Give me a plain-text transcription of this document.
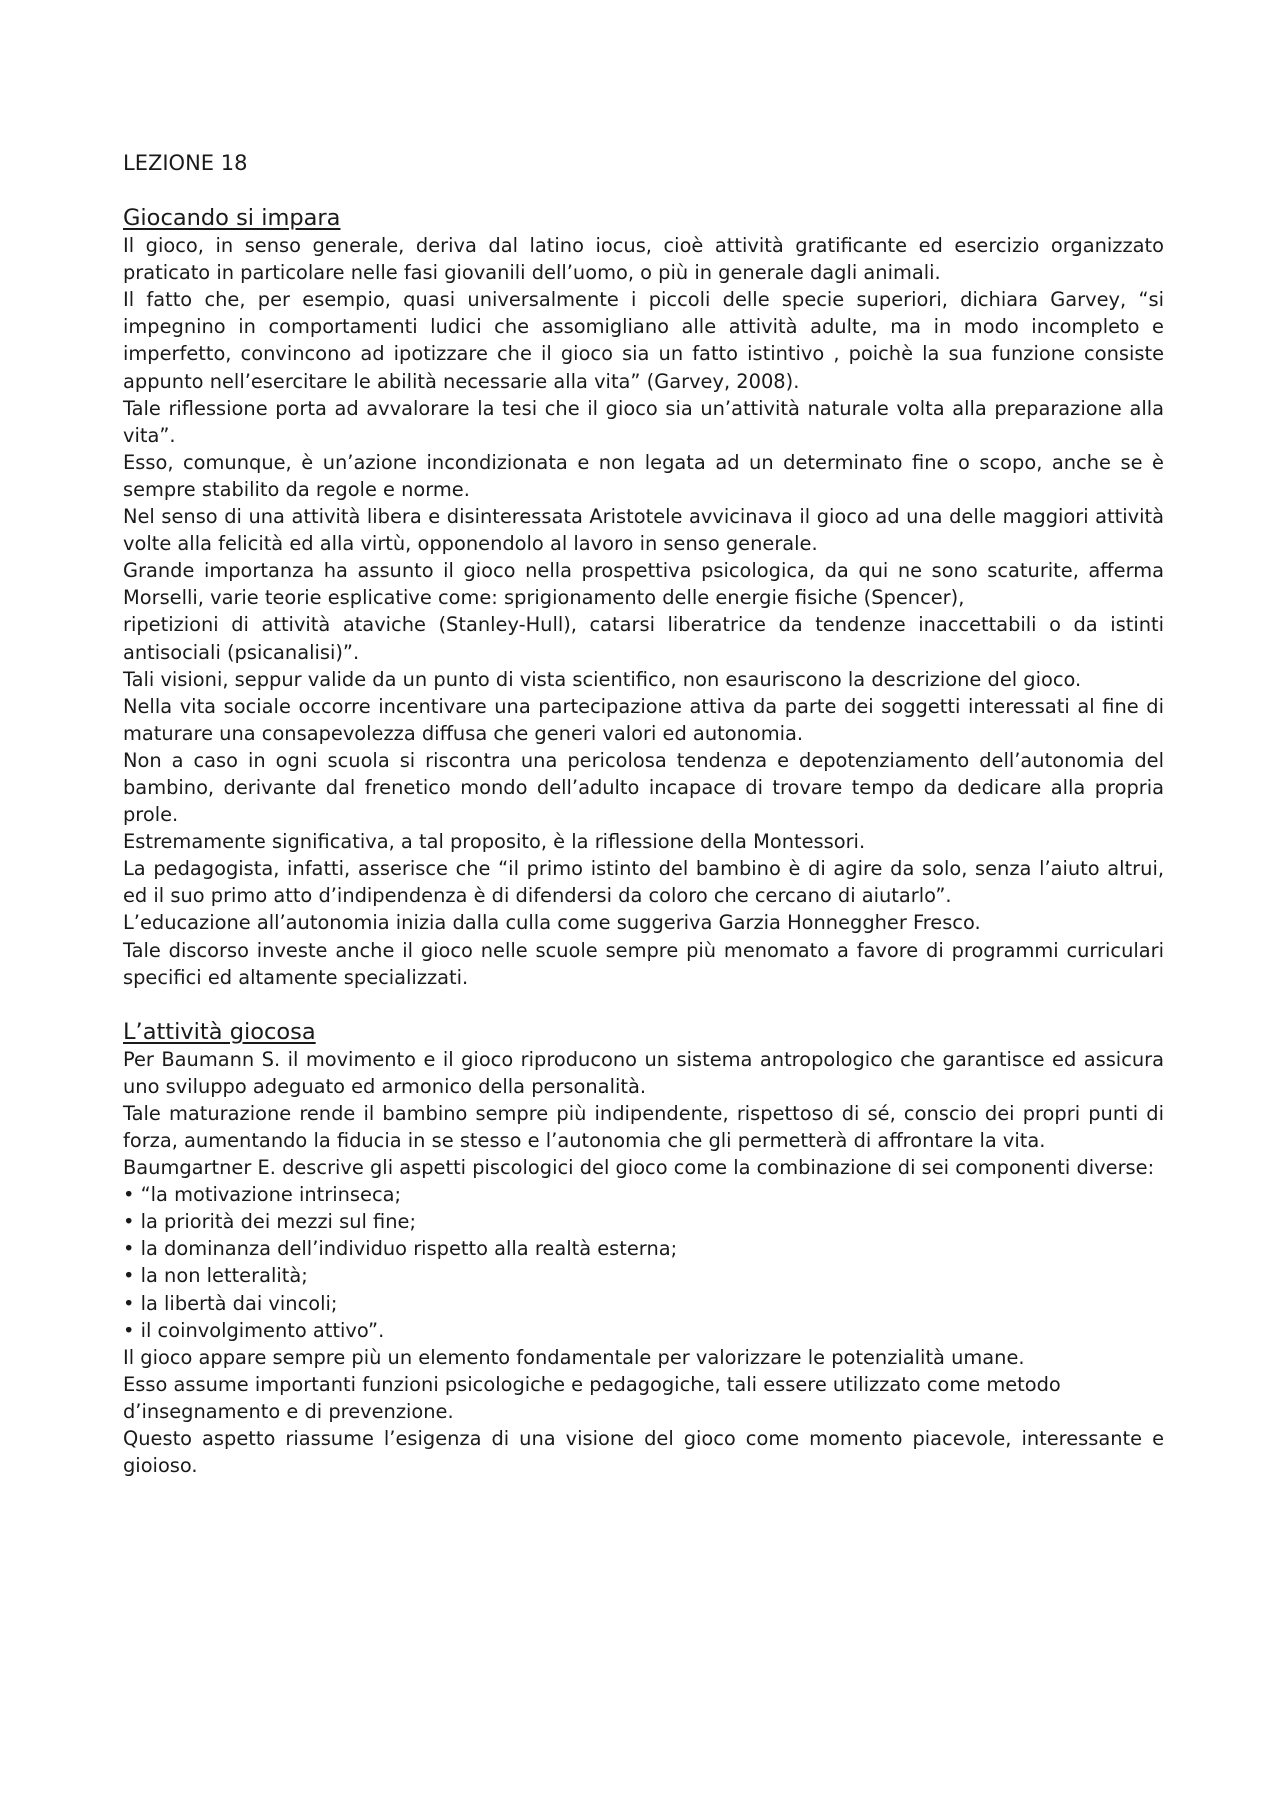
LEZIONE 18
Giocando si impara

Il gioco, in senso generale, deriva dal latino iocus, cioè attività gratificante ed esercizio organizzato praticato in particolare nelle fasi giovanili dell’uomo, o più in generale dagli animali.

Il fatto che, per esempio, quasi universalmente i piccoli delle specie superiori, dichiara Garvey, “si impegnino in comportamenti ludici che assomigliano alle attività adulte, ma in modo incompleto e imperfetto, convincono ad ipotizzare che il gioco sia un fatto istintivo , poichè la sua funzione consiste appunto nell’esercitare le abilità necessarie alla vita” (Garvey, 2008).

Tale riflessione porta ad avvalorare la tesi che il gioco sia un’attività naturale volta alla preparazione alla vita”.

Esso, comunque, è un’azione incondizionata e non legata ad un determinato fine o scopo, anche se è sempre stabilito da regole e norme.

Nel senso di una attività libera e disinteressata Aristotele avvicinava il gioco ad una delle maggiori attività volte alla felicità ed alla virtù, opponendolo al lavoro in senso generale.

Grande importanza ha assunto il gioco nella prospettiva psicologica, da qui ne sono scaturite, afferma Morselli, varie teorie esplicative come: sprigionamento delle energie fisiche (Spencer),

ripetizioni di attività ataviche (Stanley-Hull), catarsi liberatrice da tendenze inaccettabili o da istinti antisociali (psicanalisi)”.

Tali visioni, seppur valide da un punto di vista scientifico, non esauriscono la descrizione del gioco.

Nella vita sociale occorre incentivare una partecipazione attiva da parte dei soggetti interessati al fine di maturare una consapevolezza diffusa che generi valori ed autonomia.

Non a caso in ogni scuola si riscontra una pericolosa tendenza e depotenziamento dell’autonomia del bambino, derivante dal frenetico mondo dell’adulto incapace di trovare tempo da dedicare alla propria prole.

Estremamente significativa, a tal proposito, è la riflessione della Montessori.

La pedagogista, infatti, asserisce che “il primo istinto del bambino è di agire da solo, senza l’aiuto altrui, ed il suo primo atto d’indipendenza è di difendersi da coloro che cercano di aiutarlo”.

L’educazione all’autonomia inizia dalla culla come suggeriva Garzia Honneggher Fresco.

Tale discorso investe anche il gioco nelle scuole sempre più menomato a favore di programmi curriculari specifici ed altamente specializzati.

L’attività giocosa

Per Baumann S. il movimento e il gioco riproducono un sistema antropologico che garantisce ed assicura uno sviluppo adeguato ed armonico della personalità.

Tale maturazione rende il bambino sempre più indipendente, rispettoso di sé, conscio dei propri punti di forza, aumentando la fiducia in se stesso e l’autonomia che gli permetterà di affrontare la vita.

Baumgartner E. descrive gli aspetti piscologici del gioco come la combinazione di sei componenti diverse:

• “la motivazione intrinseca;
• la priorità dei mezzi sul fine;
• la dominanza dell’individuo rispetto alla realtà esterna;
• la non letteralità;
• la libertà dai vincoli;
• il coinvolgimento attivo”.

Il gioco appare sempre più un elemento fondamentale per valorizzare le potenzialità umane.

Esso assume importanti funzioni psicologiche e pedagogiche, tali essere utilizzato come metodo

d’insegnamento e di prevenzione.

Questo aspetto riassume l’esigenza di una visione del gioco come momento piacevole, interessante e gioioso.
